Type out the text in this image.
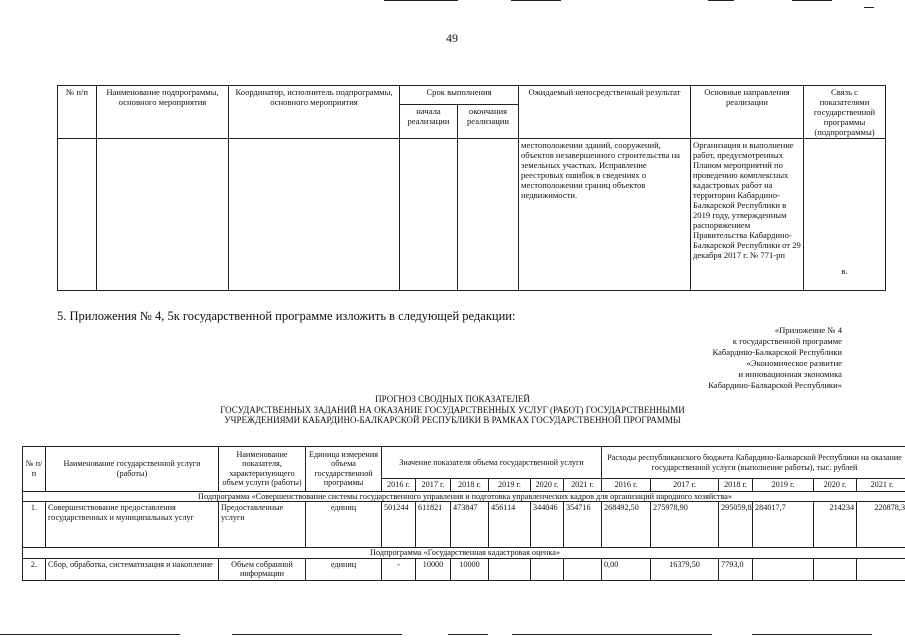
49
№ п/п	Наименование подпрограммы, основного мероприятия	Координатор, исполнитель подпрограммы, основного мероприятия	Срок выполнения		Ожидаемый непосредственный результат	Основные направления реализации	Связь с показателями государственной программы (подпрограммы)
			начала реализации	окончания реализации			
					местоположении зданий, сооружений, объектов незавершенного строительства на земельных участках. Исправление реестровых ошибок в сведениях о местоположении границ объектов недвижимости.	Организация и выполнение работ, предусмотренных Планом мероприятий по проведению комплексных кадастровых работ на территории Кабардино-Балкарской Республики в 2019 году, утвержденным распоряжением Правительства Кабардино-Балкарской Республики от 29 декабря 2017 г. № 771-рп	в.
5. Приложения № 4, 5к государственной программе изложить в следующей редакции:
«Приложение № 4
к государственной программе
Кабардино-Балкарской Республики
«Экономическое развитие
и инновационная экономика
Кабардино-Балкарской Республики»
ПРОГНОЗ СВОДНЫХ ПОКАЗАТЕЛЕЙ
ГОСУДАРСТВЕННЫХ ЗАДАНИЙ НА ОКАЗАНИЕ ГОСУДАРСТВЕННЫХ УСЛУГ (РАБОТ) ГОСУДАРСТВЕННЫМИ
УЧРЕЖДЕНИЯМИ КАБАРДИНО-БАЛКАРСКОЙ РЕСПУБЛИКИ В РАМКАХ ГОСУДАРСТВЕННОЙ ПРОГРАММЫ
№ п/п	Наименование государственной услуги (работы)	Наименование показателя, характеризующего объем услуги (работы)	Единица измерения объема государственной программы	Значение показателя объема государственной услуги						Расходы республиканского бюджета Кабардино-Балкарской Республики на оказание государственной услуги (выполнение работы), тыс. рублей					
				2016 г.	2017 г.	2018 г.	2019 г.	2020 г.	2021 г.	2016 г.	2017 г.	2018 г.	2019 г.	2020 г.	2021 г.
Подпрограмма «Совершенствование системы государственного управления и подготовка управленческих кадров для организаций народного хозяйства»															
1.	Совершенствование предоставления государственных и муниципальных услуг	Предоставленные услуги	единиц	501244	611821	473847	456114	344046	354716	268492,50	275978,90	295059,8	284017,7	214234	220878,3
Подпрограмма «Государственная кадастровая оценка»															
2.	Сбор, обработка, систематизация и накопление	Объем собранной информации	единиц	-	10000	10000				0,00	16379,50	7793,0			
